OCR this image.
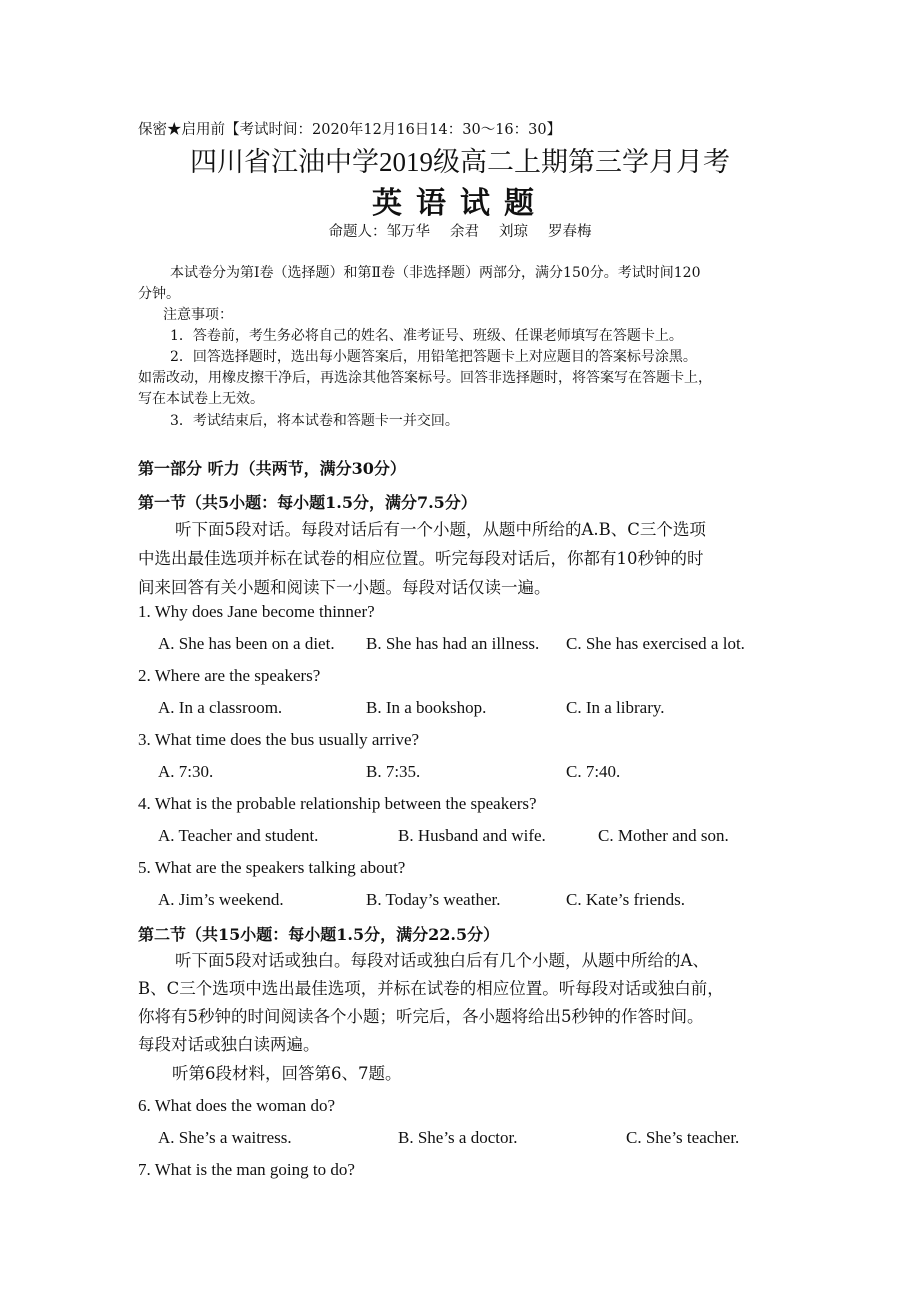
保密★启用前【考试时间：2020年12月16日14：30～16：30】
四川省江油中学2019级高二上期第三学月月考
英语试题
命题人：邹万华 余君 刘琼 罗春梅
本试卷分为第Ⅰ卷（选择题）和第Ⅱ卷（非选择题）两部分，满分150分。考试时间120
分钟。
注意事项：
1．答卷前，考生务必将自己的姓名、准考证号、班级、任课老师填写在答题卡上。
2．回答选择题时，选出每小题答案后，用铅笔把答题卡上对应题目的答案标号涂黑。
如需改动，用橡皮擦干净后，再选涂其他答案标号。回答非选择题时，将答案写在答题卡上，
写在本试卷上无效。
3．考试结束后，将本试卷和答题卡一并交回。
第一部分 听力（共两节，满分30分）
第一节（共5小题：每小题1.5分，满分7.5分）
听下面5段对话。每段对话后有一个小题，从题中所给的A.B、C三个选项
中选出最佳选项并标在试卷的相应位置。听完每段对话后，你都有10秒钟的时
间来回答有关小题和阅读下一小题。每段对话仅读一遍。
1. Why does Jane become thinner?
A. She has been on a diet. B. She has had an illness. C. She has exercised a lot.
2. Where are the speakers?
A. In a classroom.	B. In a bookshop.	C. In a library.
3. What time does the bus usually arrive?
A. 7:30.	B. 7:35.	C. 7:40.
4. What is the probable relationship between the speakers?
A. Teacher and student.	B. Husband and wife.	C. Mother and son.
5. What are the speakers talking about?
A. Jim’s weekend.	B. Today’s weather.	C. Kate’s friends.
第二节（共15小题：每小题1.5分，满分22.5分）
听下面5段对话或独白。每段对话或独白后有几个小题，从题中所给的A、
B、C三个选项中选出最佳选项，并标在试卷的相应位置。听每段对话或独白前，
你将有5秒钟的时间阅读各个小题；听完后，各小题将给出5秒钟的作答时间。
每段对话或独白读两遍。
听第6段材料，回答第6、7题。
6. What does the woman do?
A. She’s a waitress.	B. She’s a doctor.	C. She’s teacher.
7. What is the man going to do?
